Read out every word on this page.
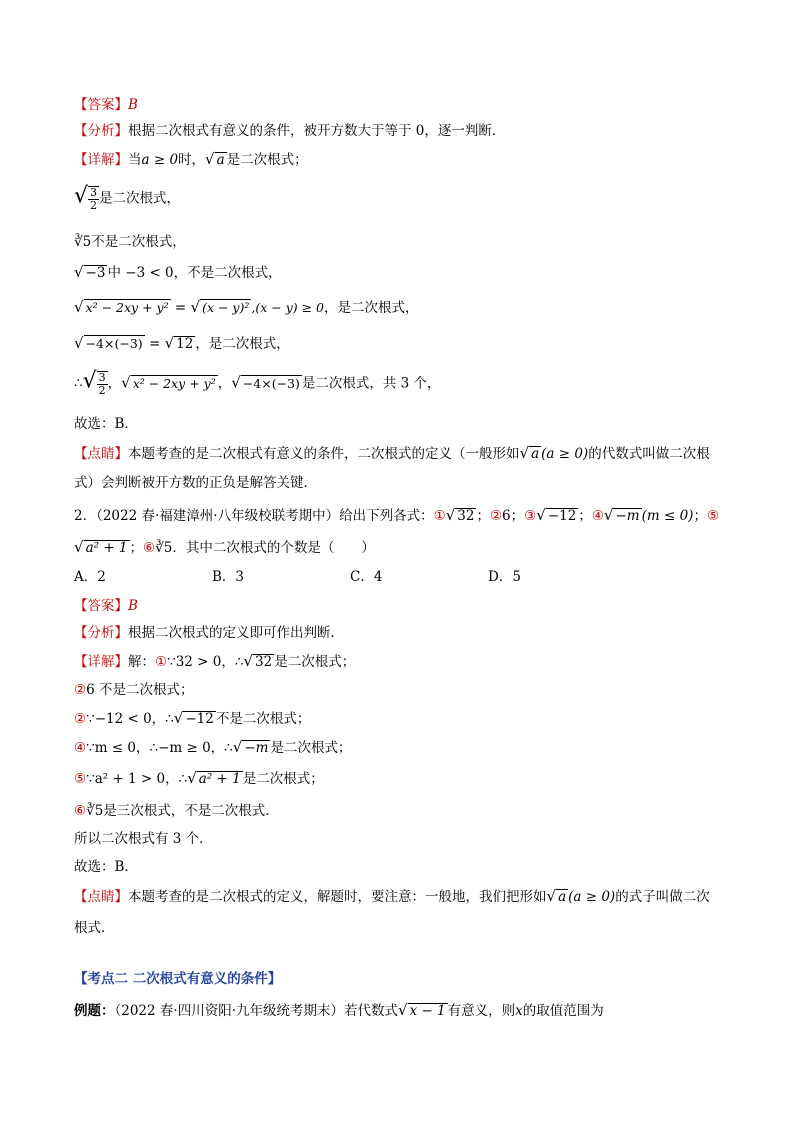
【答案】B
【分析】根据二次根式有意义的条件，被开方数大于等于 0，逐一判断．
【详解】当a ≥ 0时，√ a 是二次根式；
√ $\frac{3}{2}$ 是二次根式，
∛5不是二次根式，
√ −3 中 −3 < 0，不是二次根式，
√ x² − 2xy + y² = √ (x − y)² ,(x − y) ≥ 0，是二次根式，
√ −4×(−3) = √ 12 ，是二次根式，
∴√ $\frac{3}{2}$ ，√ x² − 2xy + y² ，√ −4×(−3) 是二次根式，共 3 个，
故选：B．
【点睛】本题考查的是二次根式有意义的条件，二次根式的定义（一般形如√ a (a ≥ 0)的代数式叫做二次根
式）会判断被开方数的正负是解答关键．
2．（2022 春·福建漳州·八年级校联考期中）给出下列各式：①√ 32 ；②6；③√ −12 ；④√ −m (m ≤ 0)；⑤
√ a² + 1 ；⑥∛5．其中二次根式的个数是（　　）
A．2	B．3	C．4	D．5
【答案】B
【分析】根据二次根式的定义即可作出判断．
【详解】解：①∵32 > 0，∴√ 32 是二次根式；
②6 不是二次根式；
②∵−12 < 0，∴√ −12 不是二次根式；
④∵m ≤ 0，∴−m ≥ 0，∴√ −m 是二次根式；
⑤∵a² + 1 > 0，∴√ a² + 1 是二次根式；
⑥∛5是三次根式，不是二次根式．
所以二次根式有 3 个．
故选：B．
【点睛】本题考查的是二次根式的定义，解题时，要注意：一般地，我们把形如√ a (a ≥ 0)的式子叫做二次
根式．
【考点二 二次根式有意义的条件】
例题：（2022 春·四川资阳·九年级统考期末）若代数式√ x − 1 有意义，则x的取值范围为
